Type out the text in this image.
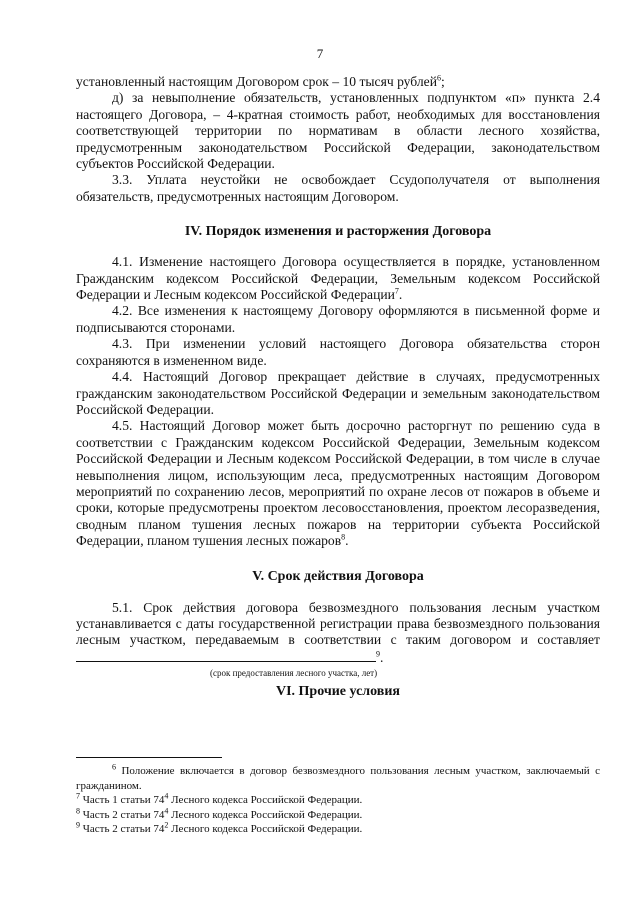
7

установленный настоящим Договором срок – 10 тысяч рублей$^6$;

д) за невыполнение обязательств, установленных подпунктом «п» пункта 2.4 настоящего Договора, – 4-кратная стоимость работ, необходимых для восстановления соответствующей территории по нормативам в области лесного хозяйства, предусмотренным законодательством Российской Федерации, законодательством субъектов Российской Федерации.

3.3. Уплата неустойки не освобождает Ссудополучателя от выполнения обязательств, предусмотренных настоящим Договором.

IV. Порядок изменения и расторжения Договора

4.1. Изменение настоящего Договора осуществляется в порядке, установленном Гражданским кодексом Российской Федерации, Земельным кодексом Российской Федерации и Лесным кодексом Российской Федерации$^7$.

4.2. Все изменения к настоящему Договору оформляются в письменной форме и подписываются сторонами.

4.3. При изменении условий настоящего Договора обязательства сторон сохраняются в измененном виде.

4.4. Настоящий Договор прекращает действие в случаях, предусмотренных гражданским законодательством Российской Федерации и земельным законодательством Российской Федерации.

4.5. Настоящий Договор может быть досрочно расторгнут по решению суда в соответствии с Гражданским кодексом Российской Федерации, Земельным кодексом Российской Федерации и Лесным кодексом Российской Федерации, в том числе в случае невыполнения лицом, использующим леса, предусмотренных настоящим Договором мероприятий по сохранению лесов, мероприятий по охране лесов от пожаров в объеме и сроки, которые предусмотрены проектом лесовосстановления, проектом лесоразведения, сводным планом тушения лесных пожаров на территории субъекта Российской Федерации, планом тушения лесных пожаров$^8$.

V. Срок действия Договора

5.1. Срок действия договора безвозмездного пользования лесным участком устанавливается с даты государственной регистрации права безвозмездного пользования лесным участком, передаваемым в соответствии с таким договором и составляет $^9$.

(срок предоставления лесного участка, лет)
VI. Прочие условия

$^6$ Положение включается в договор безвозмездного пользования лесным участком, заключаемый с гражданином.

$^7$ Часть 1 статьи $74^4$ Лесного кодекса Российской Федерации.

$^8$ Часть 2 статьи $74^4$ Лесного кодекса Российской Федерации.

$^9$ Часть 2 статьи $74^2$ Лесного кодекса Российской Федерации.
